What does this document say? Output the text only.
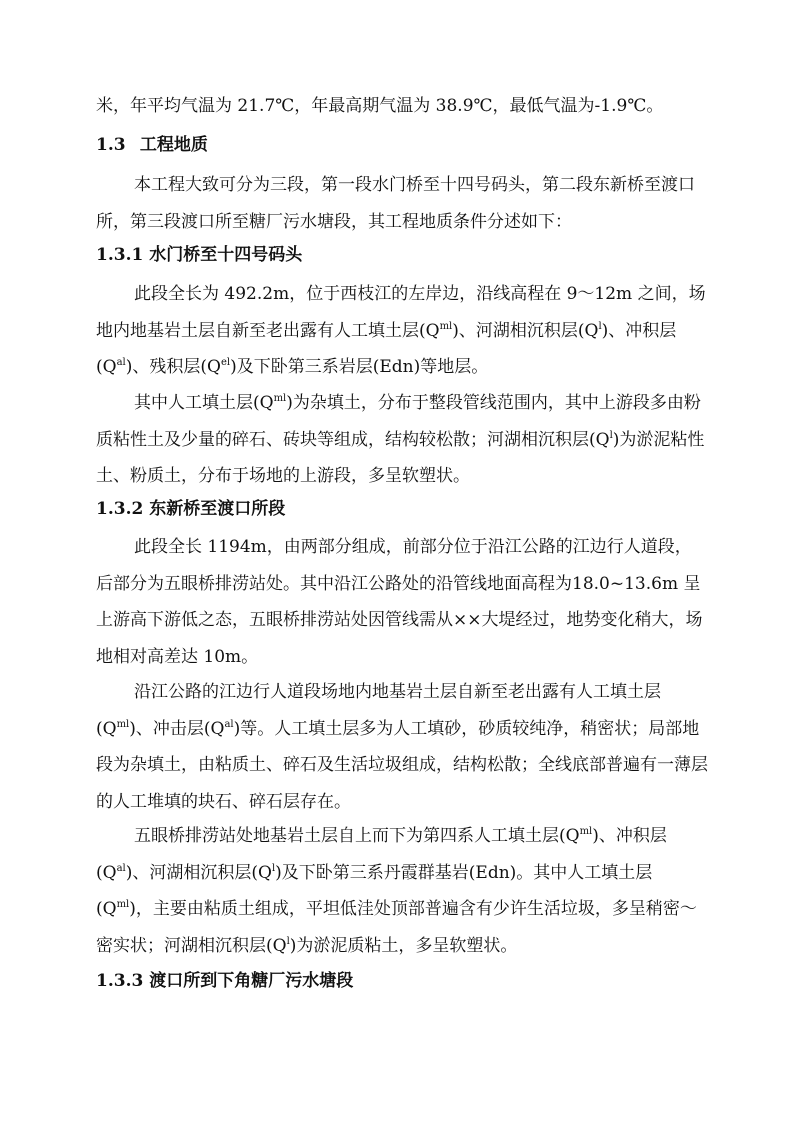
米，年平均气温为 21.7℃，年最高期气温为 38.9℃，最低气温为-1.9℃。

1.3 工程地质

本工程大致可分为三段，第一段水门桥至十四号码头，第二段东新桥至渡口所，第三段渡口所至糖厂污水塘段，其工程地质条件分述如下：

1.3.1 水门桥至十四号码头

此段全长为 492.2m，位于西枝江的左岸边，沿线高程在 9～12m 之间，场地内地基岩土层自新至老出露有人工填土层$(Q^{ml})$、河湖相沉积层$(Q^l)$、冲积层$(Q^{al})$、残积层$(Q^{el})$及下卧第三系岩层(Edn)等地层。

其中人工填土层$(Q^{ml})$为杂填土，分布于整段管线范围内，其中上游段多由粉质粘性土及少量的碎石、砖块等组成，结构较松散；河湖相沉积层$(Q^l)$为淤泥粘性土、粉质土，分布于场地的上游段，多呈软塑状。

1.3.2 东新桥至渡口所段

此段全长 1194m，由两部分组成，前部分位于沿江公路的江边行人道段，后部分为五眼桥排涝站处。其中沿江公路处的沿管线地面高程为18.0~13.6m 呈上游高下游低之态，五眼桥排涝站处因管线需从××大堤经过，地势变化稍大，场地相对高差达 10m。

沿江公路的江边行人道段场地内地基岩土层自新至老出露有人工填土层$(Q^{ml})$、冲击层$(Q^{al})$等。人工填土层多为人工填砂，砂质较纯净，稍密状；局部地段为杂填土，由粘质土、碎石及生活垃圾组成，结构松散；全线底部普遍有一薄层的人工堆填的块石、碎石层存在。

五眼桥排涝站处地基岩土层自上而下为第四系人工填土层$(Q^{ml})$、冲积层$(Q^{al})$、河湖相沉积层$(Q^l)$及下卧第三系丹霞群基岩(Edn)。其中人工填土层$(Q^{ml})$，主要由粘质土组成，平坦低洼处顶部普遍含有少许生活垃圾，多呈稍密～密实状；河湖相沉积层$(Q^l)$为淤泥质粘土，多呈软塑状。

1.3.3 渡口所到下角糖厂污水塘段
